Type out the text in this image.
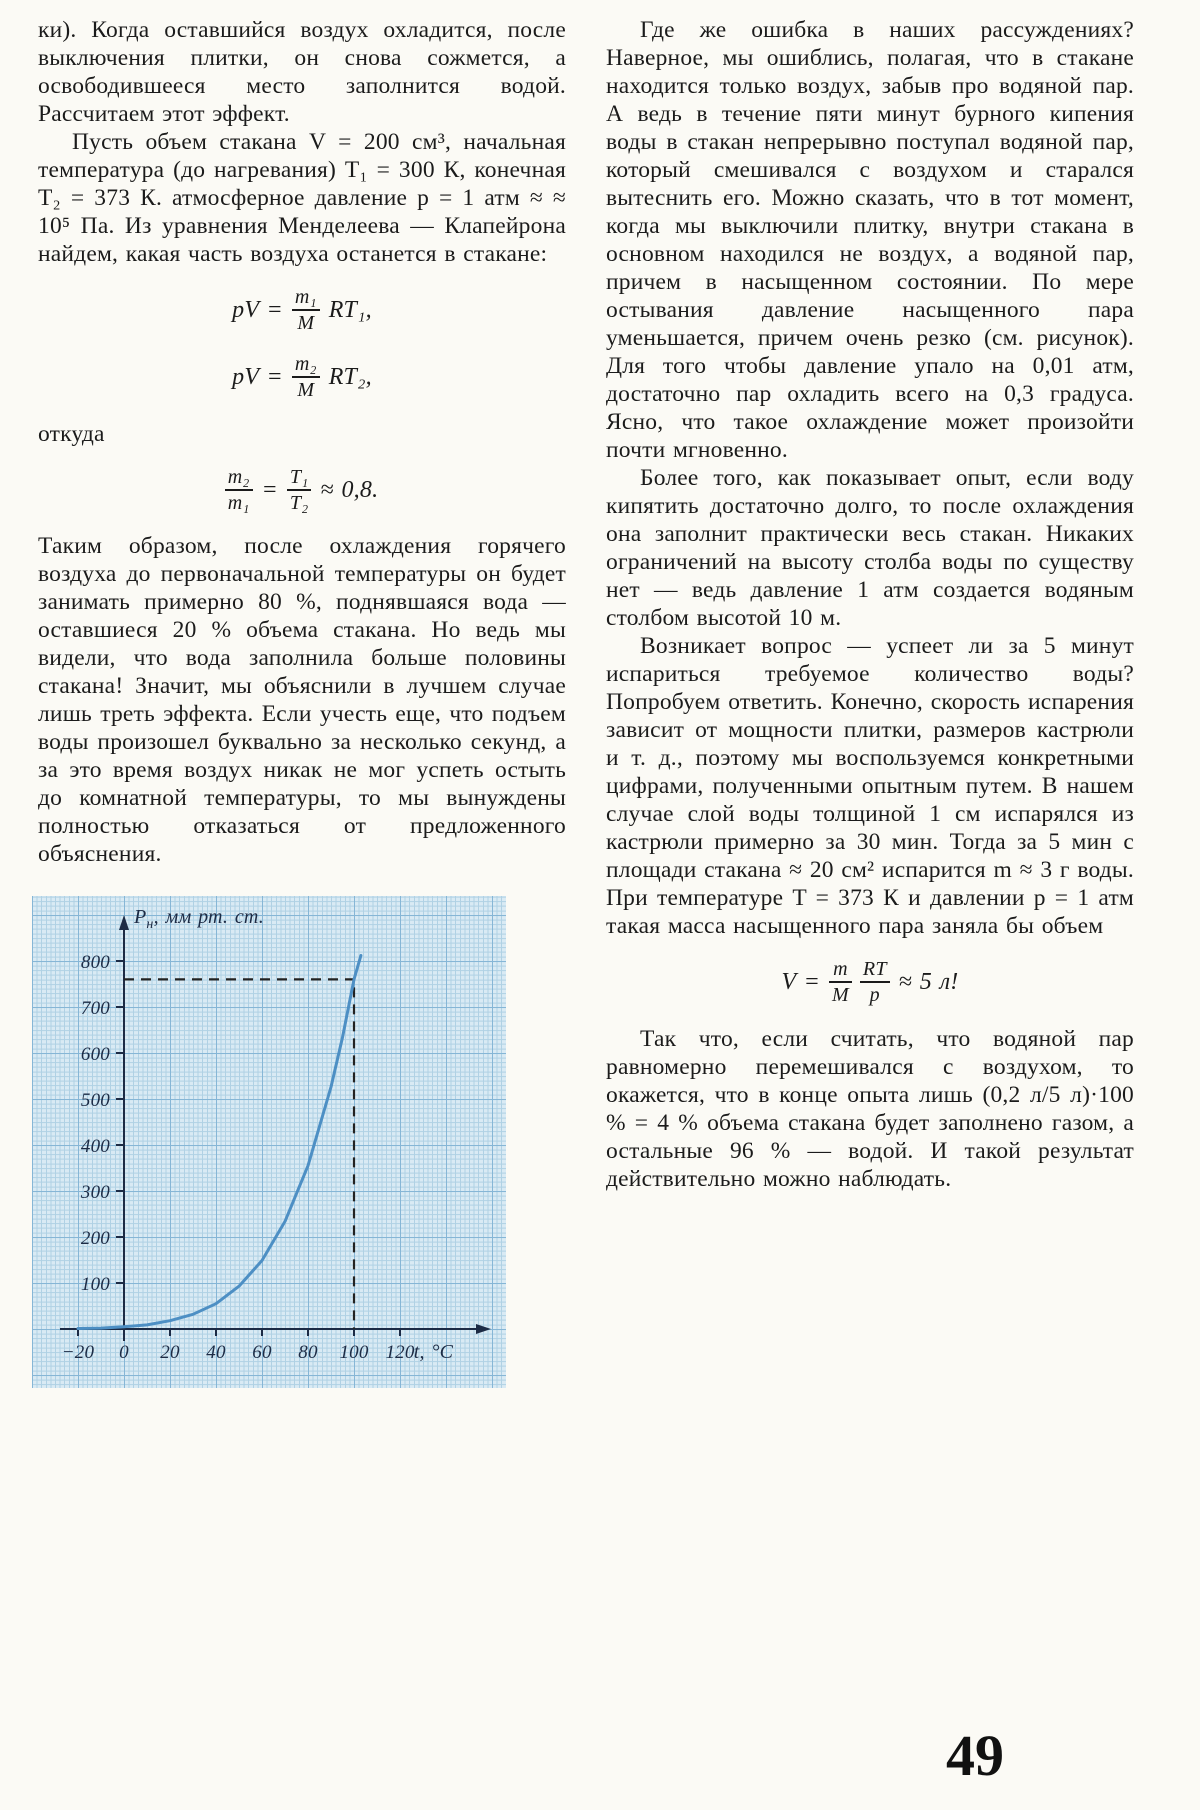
ки). Когда оставшийся воздух охладится, после выключения плитки, он снова сожмется, а освободившееся место заполнится водой. Рассчитаем этот эффект.

Пусть объем стакана V = 200 см³, начальная температура (до нагревания) T₁ = 300 К, конечная T₂ = 373 К. атмосферное давление p = 1 атм ≈ ≈ 10⁵ Па. Из уравнения Менделеева — Клапейрона найдем, какая часть воздуха останется в стакане:

pV = $\frac{\text{m₁}}{M} RT_1$,
pV = $\frac{\text{m₂}}{M} RT_2$,

откуда

$\frac{\text{m₂}}{\text{m₁}} = \frac{\text{T₁}}{\text{T₂}} \approx 0,8$.

Таким образом, после охлаждения горячего воздуха до первоначальной температуры он будет занимать примерно 80 %, поднявшаяся вода — оставшиеся 20 % объема стакана. Но ведь мы видели, что вода заполнила больше половины стакана! Значит, мы объяснили в лучшем случае лишь треть эффекта. Если учесть еще, что подъем воды произошел буквально за несколько секунд, а за это время воздух никак не мог успеть остыть до комнатной температуры, то мы вынуждены полностью отказаться от предложенного объяснения.

100
200
300
400
500
600
700
800
−20 0 20 40 60 80 100 120
$P_н$, мм рт. ст.
t, °C

Где же ошибка в наших рассуждениях? Наверное, мы ошиблись, полагая, что в стакане находится только воздух, забыв про водяной пар. А ведь в течение пяти минут бурного кипения воды в стакан непрерывно поступал водяной пар, который смешивался с воздухом и старался вытеснить его. Можно сказать, что в тот момент, когда мы выключили плитку, внутри стакана в основном находился не воздух, а водяной пар, причем в насыщенном состоянии. По мере остывания давление насыщенного пара уменьшается, причем очень резко (см. рисунок). Для того чтобы давление упало на 0,01 атм, достаточно пар охладить всего на 0,3 градуса. Ясно, что такое охлаждение может произойти почти мгновенно.

Более того, как показывает опыт, если воду кипятить достаточно долго, то после охлаждения она заполнит практически весь стакан. Никаких ограничений на высоту столба воды по существу нет — ведь давление 1 атм создается водяным столбом высотой 10 м.

Возникает вопрос — успеет ли за 5 минут испариться требуемое количество воды? Попробуем ответить. Конечно, скорость испарения зависит от мощности плитки, размеров кастрюли и т. д., поэтому мы воспользуемся конкретными цифрами, полученными опытным путем. В нашем случае слой воды толщиной 1 см испарялся из кастрюли примерно за 30 мин. Тогда за 5 мин с площади стакана ≈ 20 см² испарится m ≈ 3 г воды. При температуре T = 373 К и давлении p = 1 атм такая масса насыщенного пара заняла бы объем

$V = \frac{m}{M} \frac{RT}{p} \approx 5$ л!

Так что, если считать, что водяной пар равномерно перемешивался с воздухом, то окажется, что в конце опыта лишь (0,2 л/5 л)·100 % = 4 % объема стакана будет заполнено газом, а остальные 96 % — водой. И такой результат действительно можно наблюдать.

49
